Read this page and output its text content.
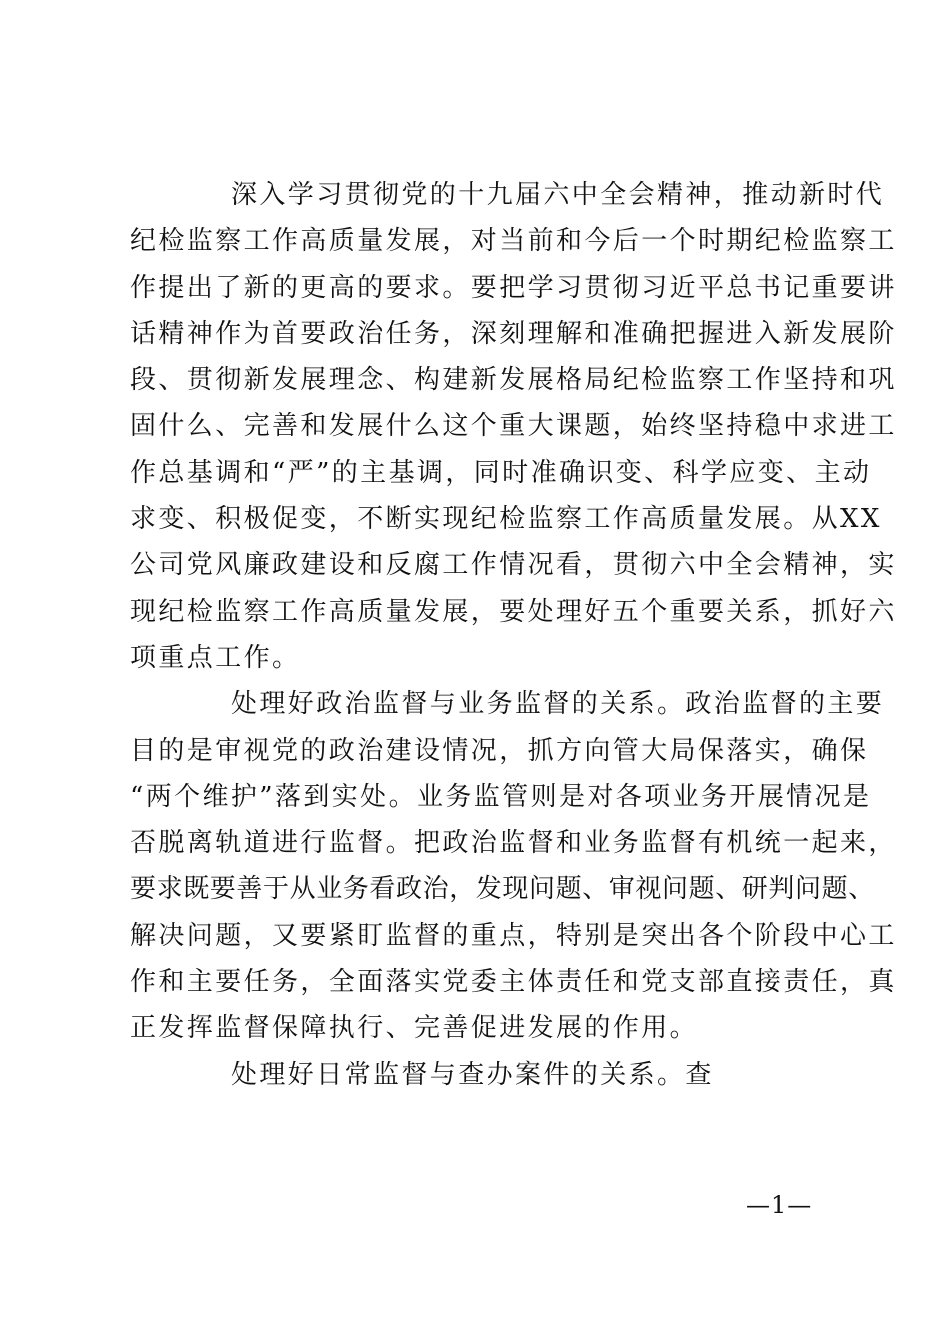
深入学习贯彻党的十九届六中全会精神，推动新时代
纪检监察工作高质量发展，对当前和今后一个时期纪检监察工
作提出了新的更高的要求。要把学习贯彻习近平总书记重要讲
话精神作为首要政治任务，深刻理解和准确把握进入新发展阶
段、贯彻新发展理念、构建新发展格局纪检监察工作坚持和巩
固什么、完善和发展什么这个重大课题，始终坚持稳中求进工
作总基调和“严”的主基调，同时准确识变、科学应变、主动
求变、积极促变，不断实现纪检监察工作高质量发展。从XX
公司党风廉政建设和反腐工作情况看，贯彻六中全会精神，实
现纪检监察工作高质量发展，要处理好五个重要关系，抓好六
项重点工作。
处理好政治监督与业务监督的关系。政治监督的主要
目的是审视党的政治建设情况，抓方向管大局保落实，确保
“两个维护”落到实处。业务监管则是对各项业务开展情况是
否脱离轨道进行监督。把政治监督和业务监督有机统一起来，
要求既要善于从业务看政治，发现问题、审视问题、研判问题、
解决问题，又要紧盯监督的重点，特别是突出各个阶段中心工
作和主要任务，全面落实党委主体责任和党支部直接责任，真
正发挥监督保障执行、完善促进发展的作用。
处理好日常监督与查办案件的关系。查
—1—
